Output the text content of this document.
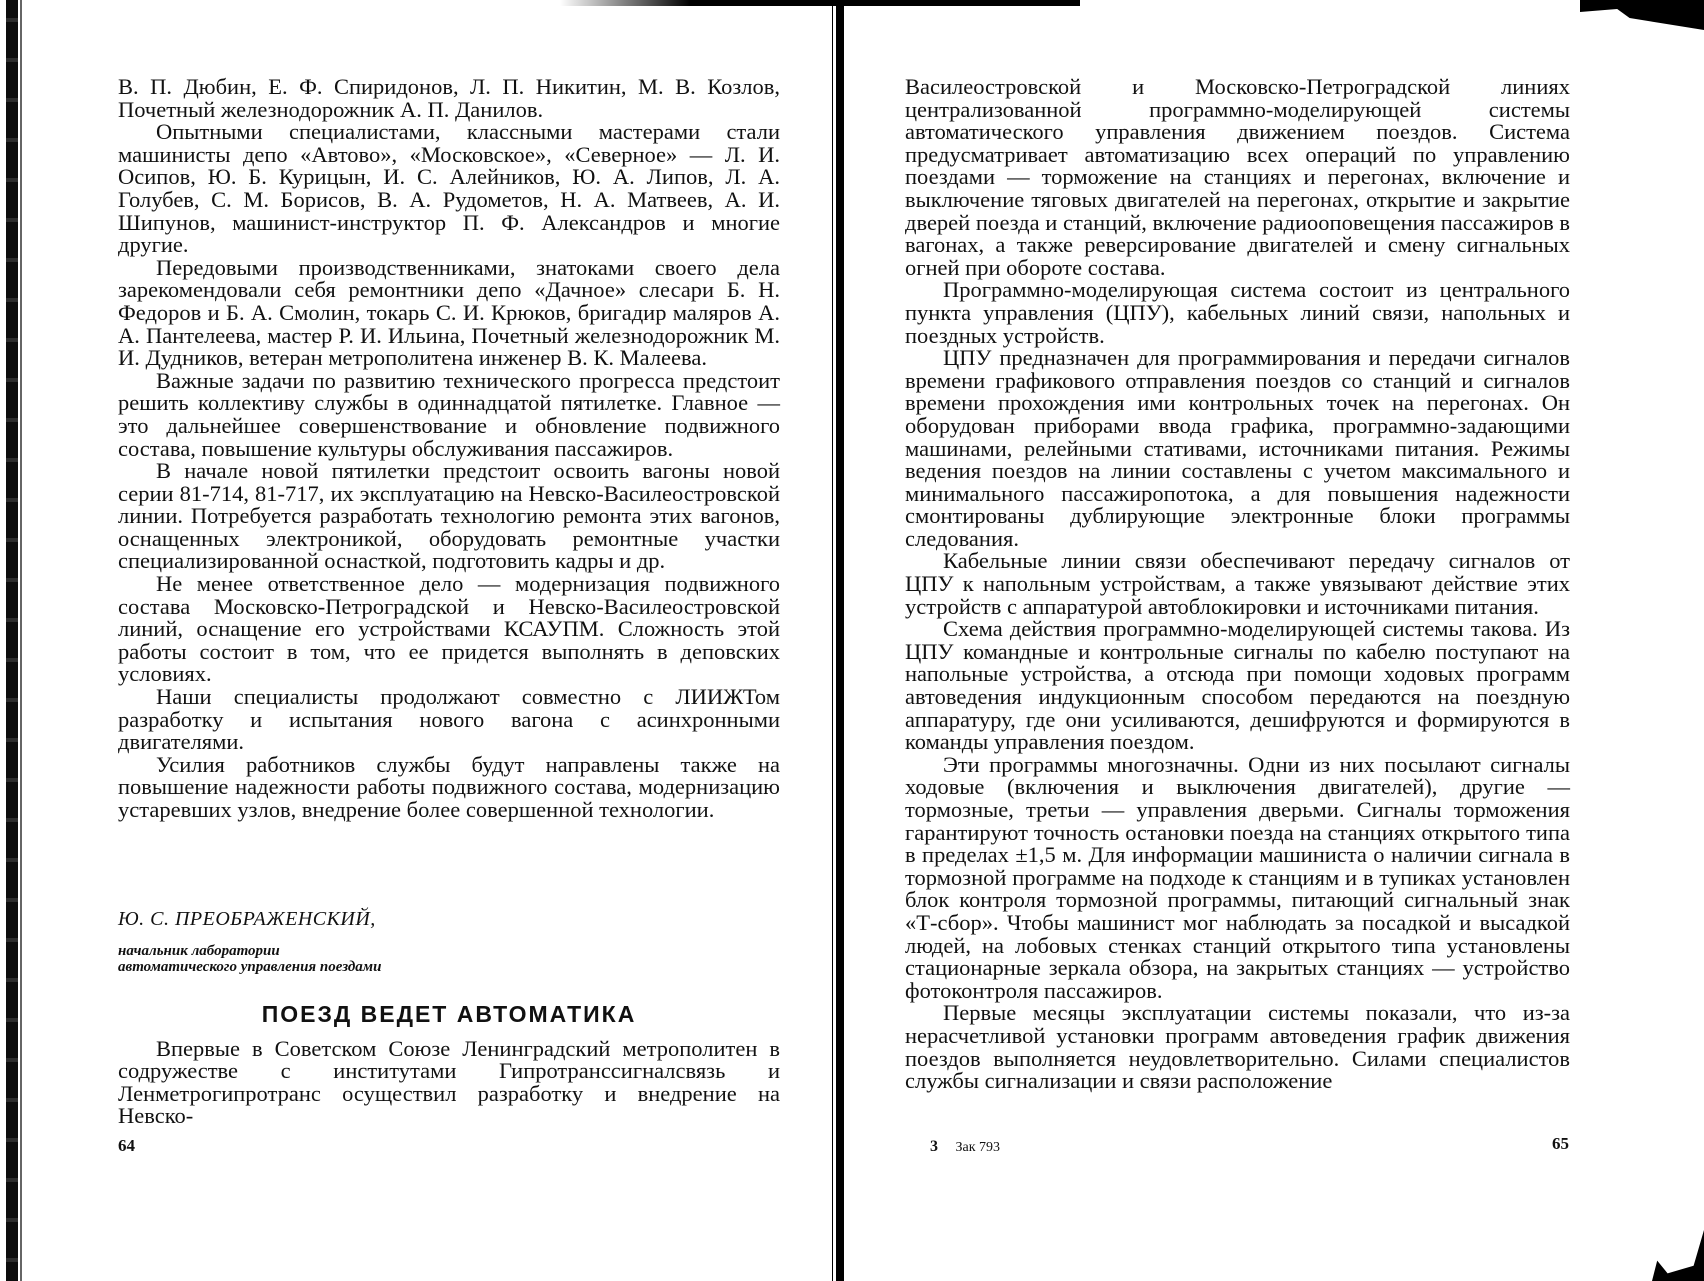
В. П. Дюбин, Е. Ф. Спиридонов, Л. П. Никитин, М. В. Козлов, Почетный железнодорожник А. П. Данилов.

Опытными специалистами, классными мастерами стали машинисты депо «Автово», «Московское», «Северное» — Л. И. Осипов, Ю. Б. Курицын, И. С. Алейников, Ю. А. Липов, Л. А. Голубев, С. М. Борисов, В. А. Рудометов, Н. А. Матвеев, А. И. Шипунов, машинист-инструктор П. Ф. Александров и многие другие.

Передовыми производственниками, знатоками своего дела зарекомендовали себя ремонтники депо «Дачное» слесари Б. Н. Федоров и Б. А. Смолин, токарь С. И. Крюков, бригадир маляров А. А. Пантелеева, мастер Р. И. Ильина, Почетный железнодорожник М. И. Дудников, ветеран метрополитена инженер В. К. Малеева.

Важные задачи по развитию технического прогресса предстоит решить коллективу службы в одиннадцатой пятилетке. Главное — это дальнейшее совершенствование и обновление подвижного состава, повышение культуры обслуживания пассажиров.

В начале новой пятилетки предстоит освоить вагоны новой серии 81-714, 81-717, их эксплуатацию на Невско-Василеостровской линии. Потребуется разработать технологию ремонта этих вагонов, оснащенных электроникой, оборудовать ремонтные участки специализированной оснасткой, подготовить кадры и др.

Не менее ответственное дело — модернизация подвижного состава Московско-Петроградской и Невско-Василеостровской линий, оснащение его устройствами КСАУПМ. Сложность этой работы состоит в том, что ее придется выполнять в деповских условиях.

Наши специалисты продолжают совместно с ЛИИЖТом разработку и испытания нового вагона с асинхронными двигателями.

Усилия работников службы будут направлены также на повышение надежности работы подвижного состава, модернизацию устаревших узлов, внедрение более совершенной технологии.

Ю. С. ПРЕОБРАЖЕНСКИЙ,
начальник лаборатории
автоматического управления поездами
ПОЕЗД ВЕДЕТ АВТОМАТИКА

Впервые в Советском Союзе Ленинградский метрополитен в содружестве с институтами Гипротранссигналсвязь и Ленметрогипротранс осуществил разработку и внедрение на Невско-

64

Василеостровской и Московско-Петроградской линиях централизованной программно-моделирующей системы автоматического управления движением поездов. Система предусматривает автоматизацию всех операций по управлению поездами — торможение на станциях и перегонах, включение и выключение тяговых двигателей на перегонах, открытие и закрытие дверей поезда и станций, включение радиооповещения пассажиров в вагонах, а также реверсирование двигателей и смену сигнальных огней при обороте состава.

Программно-моделирующая система состоит из центрального пункта управления (ЦПУ), кабельных линий связи, напольных и поездных устройств.

ЦПУ предназначен для программирования и передачи сигналов времени графикового отправления поездов со станций и сигналов времени прохождения ими контрольных точек на перегонах. Он оборудован приборами ввода графика, программно-задающими машинами, релейными стативами, источниками питания. Режимы ведения поездов на линии составлены с учетом максимального и минимального пассажиропотока, а для повышения надежности смонтированы дублирующие электронные блоки программы следования.

Кабельные линии связи обеспечивают передачу сигналов от ЦПУ к напольным устройствам, а также увязывают действие этих устройств с аппаратурой автоблокировки и источниками питания.

Схема действия программно-моделирующей системы такова. Из ЦПУ командные и контрольные сигналы по кабелю поступают на напольные устройства, а отсюда при помощи ходовых программ автоведения индукционным способом передаются на поездную аппаратуру, где они усиливаются, дешифруются и формируются в команды управления поездом.

Эти программы многозначны. Одни из них посылают сигналы ходовые (включения и выключения двигателей), другие — тормозные, третьи — управления дверьми. Сигналы торможения гарантируют точность остановки поезда на станциях открытого типа в пределах ±1,5 м. Для информации машиниста о наличии сигнала в тормозной программе на подходе к станциям и в тупиках установлен блок контроля тормозной программы, питающий сигнальный знак «Т-сбор». Чтобы машинист мог наблюдать за посадкой и высадкой людей, на лобовых стенках станций открытого типа установлены стационарные зеркала обзора, на закрытых станциях — устройство фотоконтроля пассажиров.

Первые месяцы эксплуатации системы показали, что из-за нерасчетливой установки программ автоведения график движения поездов выполняется неудовлетворительно. Силами специалистов службы сигнализации и связи расположение

3 Зак 793	65
